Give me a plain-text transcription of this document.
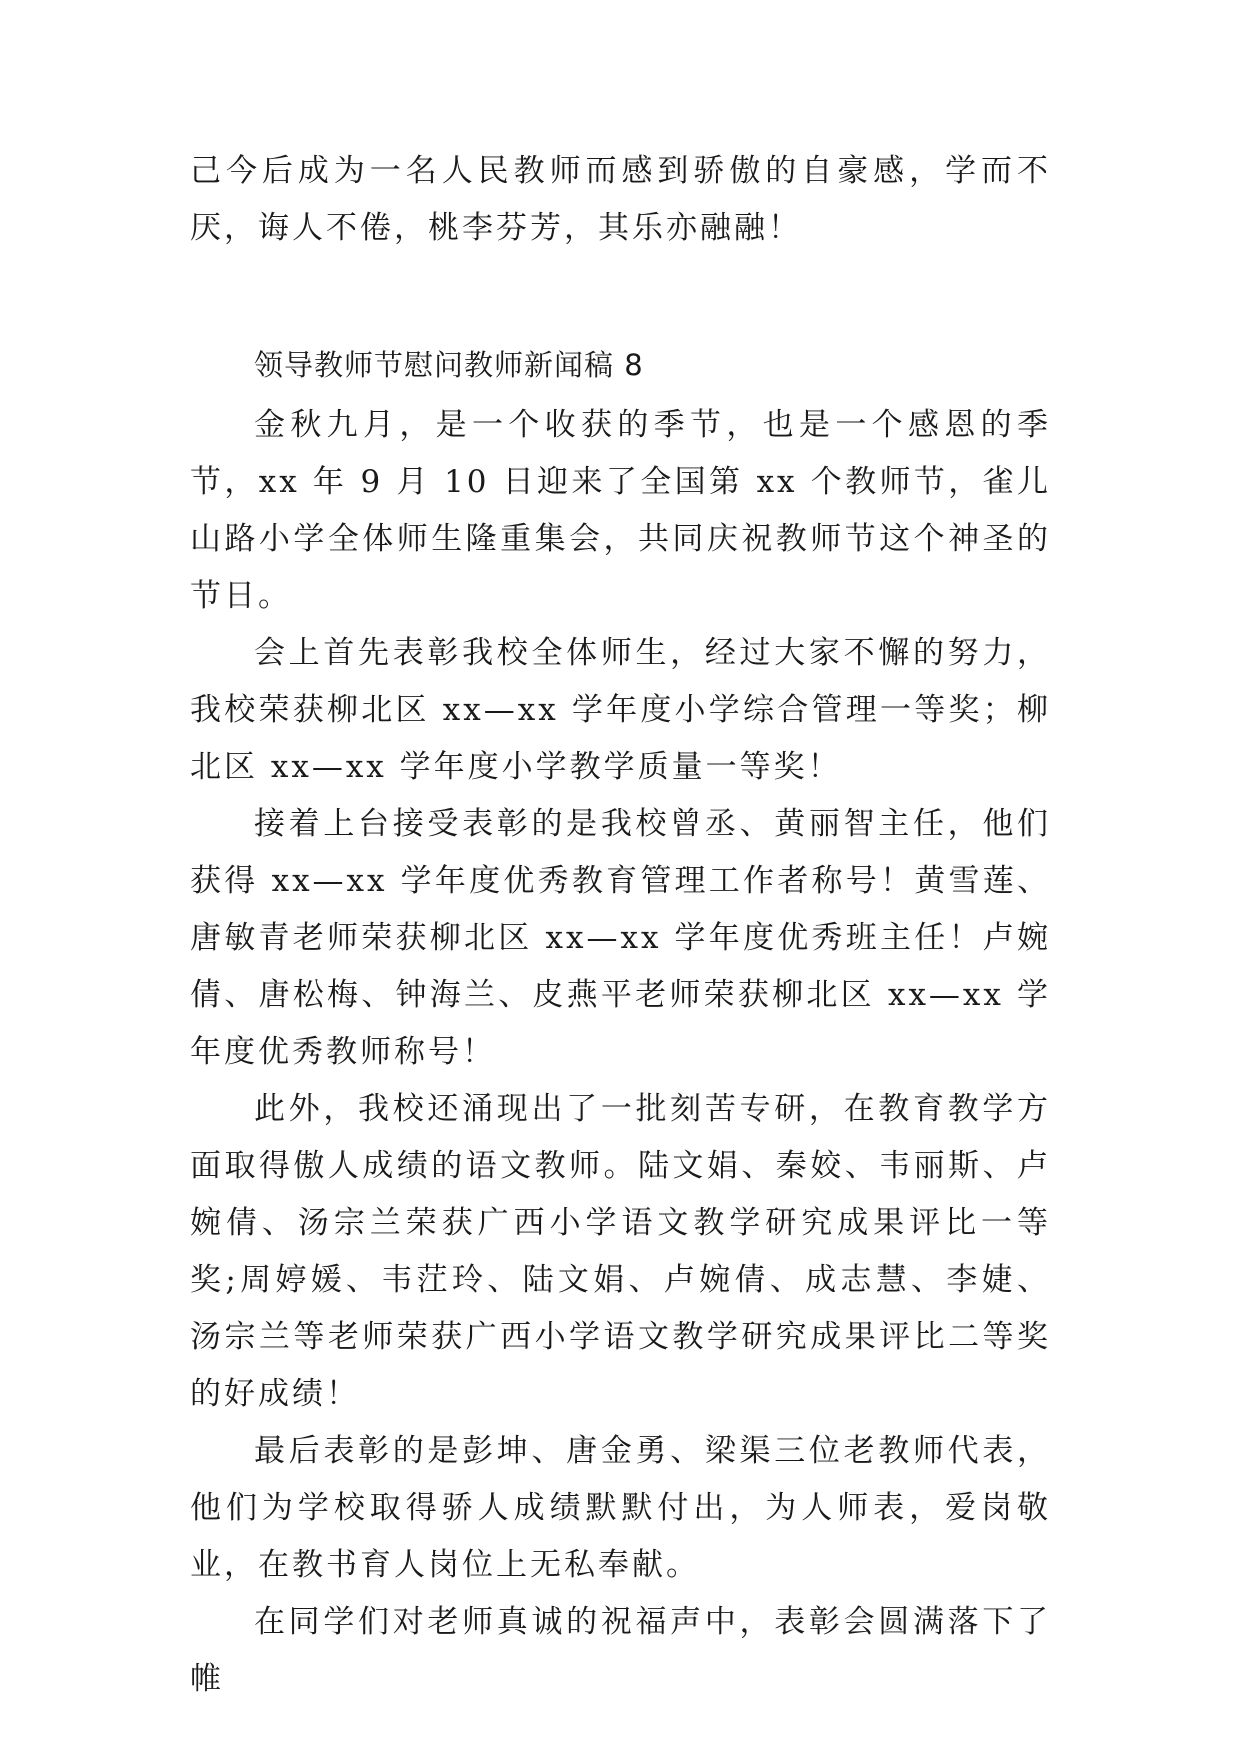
己今后成为一名人民教师而感到骄傲的自豪感，学而不厌，诲人不倦，桃李芬芳，其乐亦融融！

领导教师节慰问教师新闻稿 8

金秋九月，是一个收获的季节，也是一个感恩的季节，xx 年 9 月 10 日迎来了全国第 xx 个教师节，雀儿山路小学全体师生隆重集会，共同庆祝教师节这个神圣的节日。

会上首先表彰我校全体师生，经过大家不懈的努力，我校荣获柳北区 xx—xx 学年度小学综合管理一等奖；柳北区 xx—xx 学年度小学教学质量一等奖！

接着上台接受表彰的是我校曾丞、黄丽智主任，他们获得 xx—xx 学年度优秀教育管理工作者称号！黄雪莲、唐敏青老师荣获柳北区 xx—xx 学年度优秀班主任！卢婉倩、唐松梅、钟海兰、皮燕平老师荣获柳北区 xx—xx 学年度优秀教师称号！

此外，我校还涌现出了一批刻苦专研，在教育教学方面取得傲人成绩的语文教师。陆文娟、秦姣、韦丽斯、卢婉倩、汤宗兰荣获广西小学语文教学研究成果评比一等奖;周婷媛、韦茳玲、陆文娟、卢婉倩、成志慧、李婕、汤宗兰等老师荣获广西小学语文教学研究成果评比二等奖的好成绩！

最后表彰的是彭坤、唐金勇、梁渠三位老教师代表，他们为学校取得骄人成绩默默付出，为人师表，爱岗敬业，在教书育人岗位上无私奉献。

在同学们对老师真诚的祝福声中，表彰会圆满落下了帷
